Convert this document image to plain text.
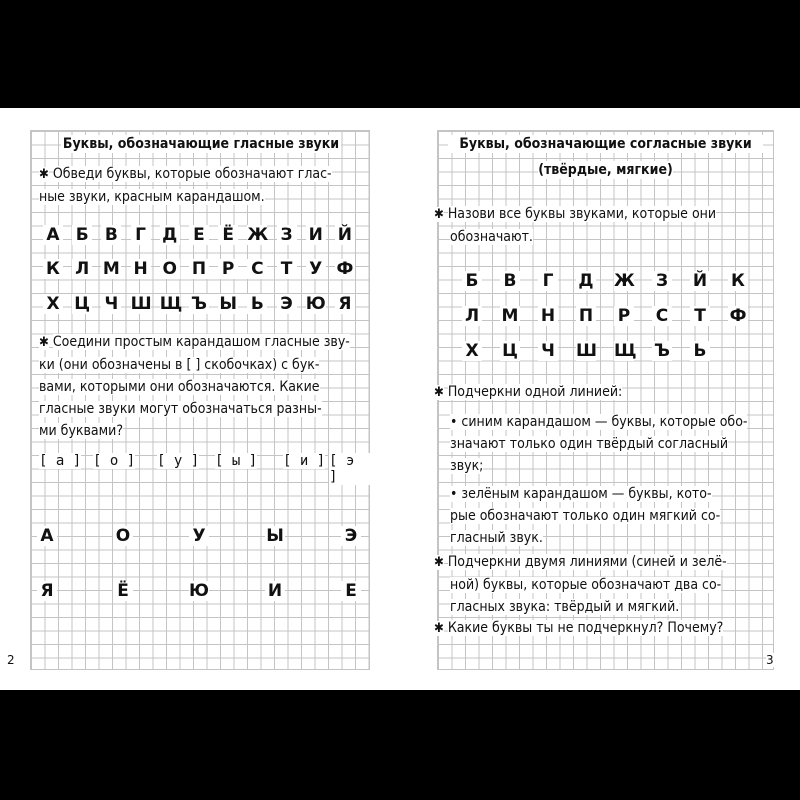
Буквы, обозначающие гласные звуки
✱ Обведи буквы, которые обозначают глас-
ные звуки, красным карандашом.
А Б В Г Д Е Ё Ж З И Й
К Л М Н О П Р С Т У Ф
Х Ц Ч Ш Щ Ъ Ы Ь Э Ю Я
✱ Соедини простым карандашом гласные зву-
ки (они обозначены в [ ] скобочках) с бук-
вами, которыми они обозначаются. Какие
гласные звуки могут обозначаться разны-
ми буквами?
[ а ] [ о ] [ у ] [ ы ] [ и ] [ э ]
А	О	У	Ы	Э
Я	Ё	Ю	И	Е
2
Буквы, обозначающие согласные звуки
(твёрдые, мягкие)
✱ Назови все буквы звуками, которые они
обозначают.
Б В Г Д Ж З Й К
Л М Н П Р С Т Ф
Х Ц Ч Ш Щ Ъ Ь
✱ Подчеркни одной линией:
• синим карандашом — буквы, которые обо-
значают только один твёрдый согласный
звук;
• зелёным карандашом — буквы, кото-
рые обозначают только один мягкий со-
гласный звук.
✱ Подчеркни двумя линиями (синей и зелё-
ной) буквы, которые обозначают два со-
гласных звука: твёрдый и мягкий.
✱ Какие буквы ты не подчеркнул? Почему?
3
